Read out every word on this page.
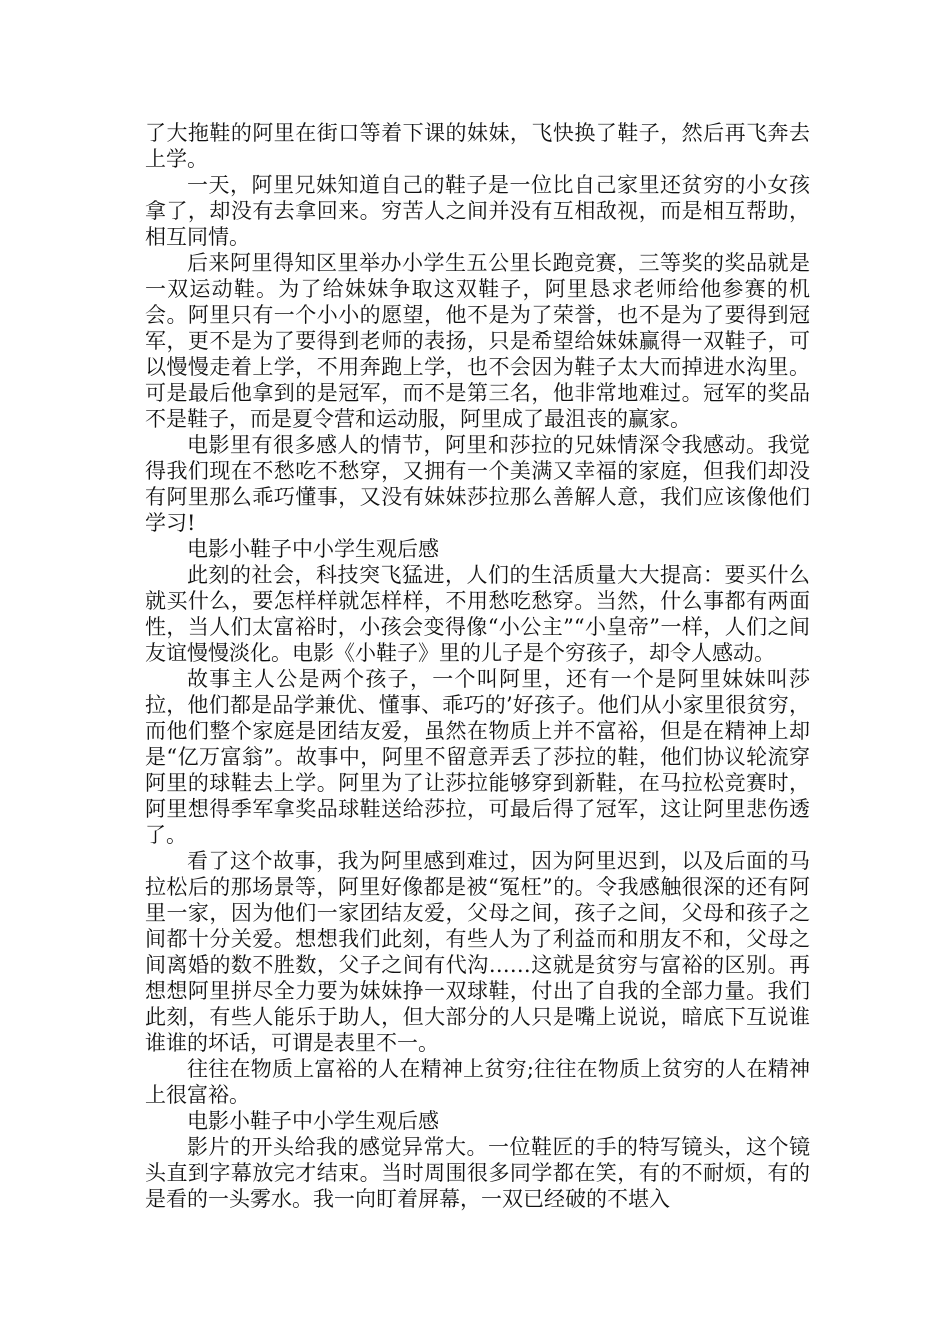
了大拖鞋的阿里在街口等着下课的妹妹，飞快换了鞋子，然后再飞奔去上学。

一天，阿里兄妹知道自己的鞋子是一位比自己家里还贫穷的小女孩拿了，却没有去拿回来。穷苦人之间并没有互相敌视，而是相互帮助，相互同情。

后来阿里得知区里举办小学生五公里长跑竞赛，三等奖的奖品就是一双运动鞋。为了给妹妹争取这双鞋子，阿里恳求老师给他参赛的机会。阿里只有一个小小的愿望，他不是为了荣誉，也不是为了要得到冠军，更不是为了要得到老师的表扬，只是希望给妹妹赢得一双鞋子，可以慢慢走着上学，不用奔跑上学，也不会因为鞋子太大而掉进水沟里。可是最后他拿到的是冠军，而不是第三名，他非常地难过。冠军的奖品不是鞋子，而是夏令营和运动服，阿里成了最沮丧的赢家。

电影里有很多感人的情节，阿里和莎拉的兄妹情深令我感动。我觉得我们现在不愁吃不愁穿，又拥有一个美满又幸福的家庭，但我们却没有阿里那么乖巧懂事，又没有妹妹莎拉那么善解人意，我们应该像他们学习!

电影小鞋子中小学生观后感

此刻的社会，科技突飞猛进，人们的生活质量大大提高：要买什么就买什么，要怎样样就怎样样，不用愁吃愁穿。当然，什么事都有两面性，当人们太富裕时，小孩会变得像“小公主”“小皇帝”一样，人们之间友谊慢慢淡化。电影《小鞋子》里的儿子是个穷孩子，却令人感动。

故事主人公是两个孩子，一个叫阿里，还有一个是阿里妹妹叫莎拉，他们都是品学兼优、懂事、乖巧的’好孩子。他们从小家里很贫穷，而他们整个家庭是团结友爱，虽然在物质上并不富裕，但是在精神上却是“亿万富翁”。故事中，阿里不留意弄丢了莎拉的鞋，他们协议轮流穿阿里的球鞋去上学。阿里为了让莎拉能够穿到新鞋，在马拉松竞赛时，阿里想得季军拿奖品球鞋送给莎拉，可最后得了冠军，这让阿里悲伤透了。

看了这个故事，我为阿里感到难过，因为阿里迟到，以及后面的马拉松后的那场景等，阿里好像都是被“冤枉”的。令我感触很深的还有阿里一家，因为他们一家团结友爱，父母之间，孩子之间，父母和孩子之间都十分关爱。想想我们此刻，有些人为了利益而和朋友不和，父母之间离婚的数不胜数，父子之间有代沟……这就是贫穷与富裕的区别。再想想阿里拼尽全力要为妹妹挣一双球鞋，付出了自我的全部力量。我们此刻，有些人能乐于助人，但大部分的人只是嘴上说说，暗底下互说谁谁谁的坏话，可谓是表里不一。

往往在物质上富裕的人在精神上贫穷;往往在物质上贫穷的人在精神上很富裕。

电影小鞋子中小学生观后感

影片的开头给我的感觉异常大。一位鞋匠的手的特写镜头，这个镜头直到字幕放完才结束。当时周围很多同学都在笑，有的不耐烦，有的是看的一头雾水。我一向盯着屏幕，一双已经破的不堪入
